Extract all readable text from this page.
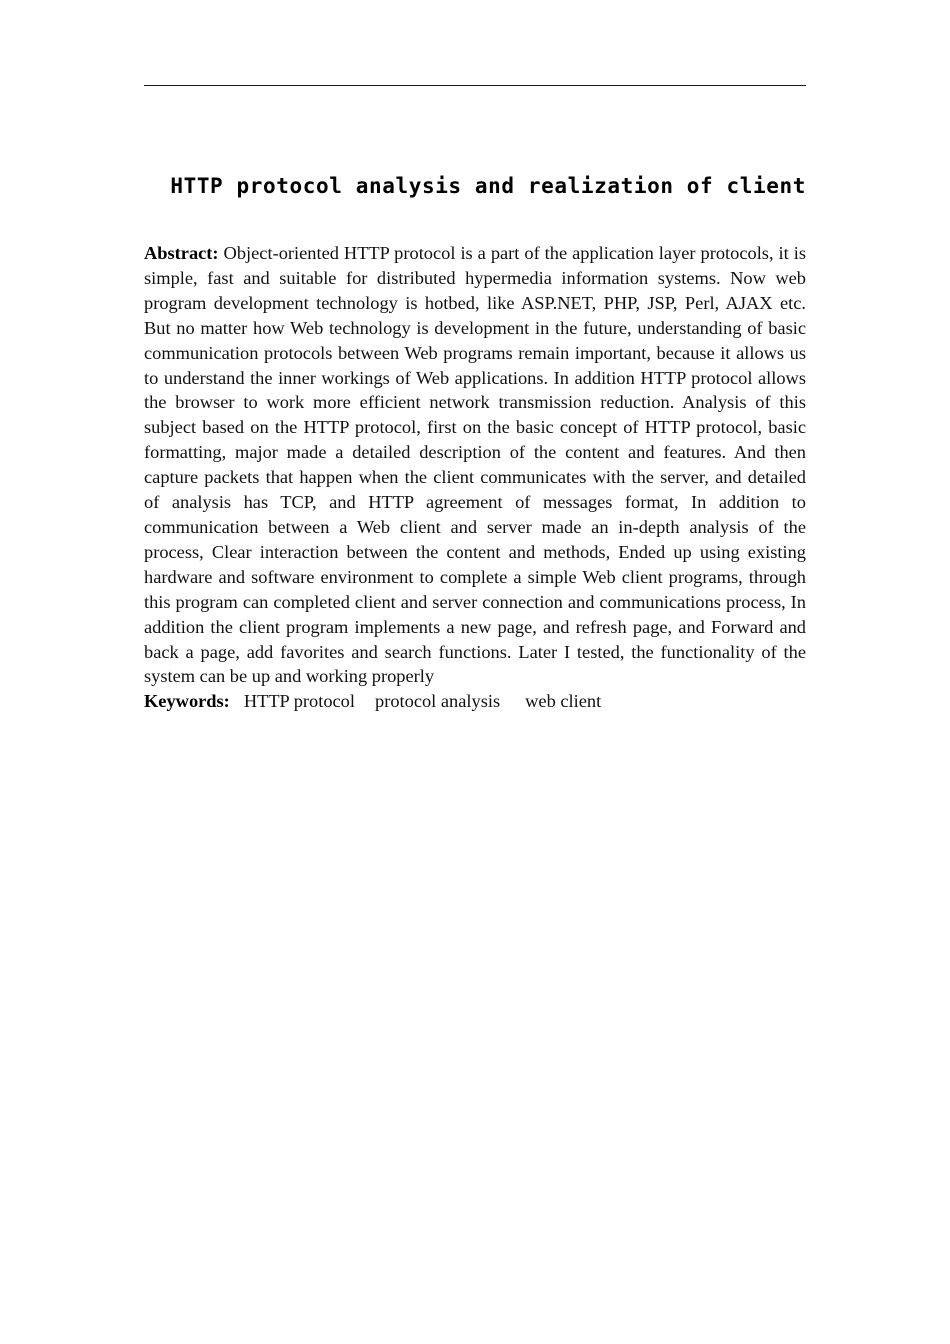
HTTP protocol analysis and realization of client

Abstract: Object-oriented HTTP protocol is a part of the application layer protocols, it is simple, fast and suitable for distributed hypermedia information systems. Now web program development technology is hotbed, like ASP.NET, PHP, JSP, Perl, AJAX etc. But no matter how Web technology is development in the future, understanding of basic communication protocols between Web programs remain important, because it allows us to understand the inner workings of Web applications. In addition HTTP protocol allows the browser to work more efficient network transmission reduction. Analysis of this subject based on the HTTP protocol, first on the basic concept of HTTP protocol, basic formatting, major made a detailed description of the content and features. And then capture packets that happen when the client communicates with the server, and detailed of analysis has TCP, and HTTP agreement of messages format, In addition to communication between a Web client and server made an in-depth analysis of the process, Clear interaction between the content and methods, Ended up using existing hardware and software environment to complete a simple Web client programs, through this program can completed client and server connection and communications process, In addition the client program implements a new page, and refresh page, and Forward and back a page, add favorites and search functions. Later I tested, the functionality of the system can be up and working properly

Keywords: HTTP protocol protocol analysis web client
